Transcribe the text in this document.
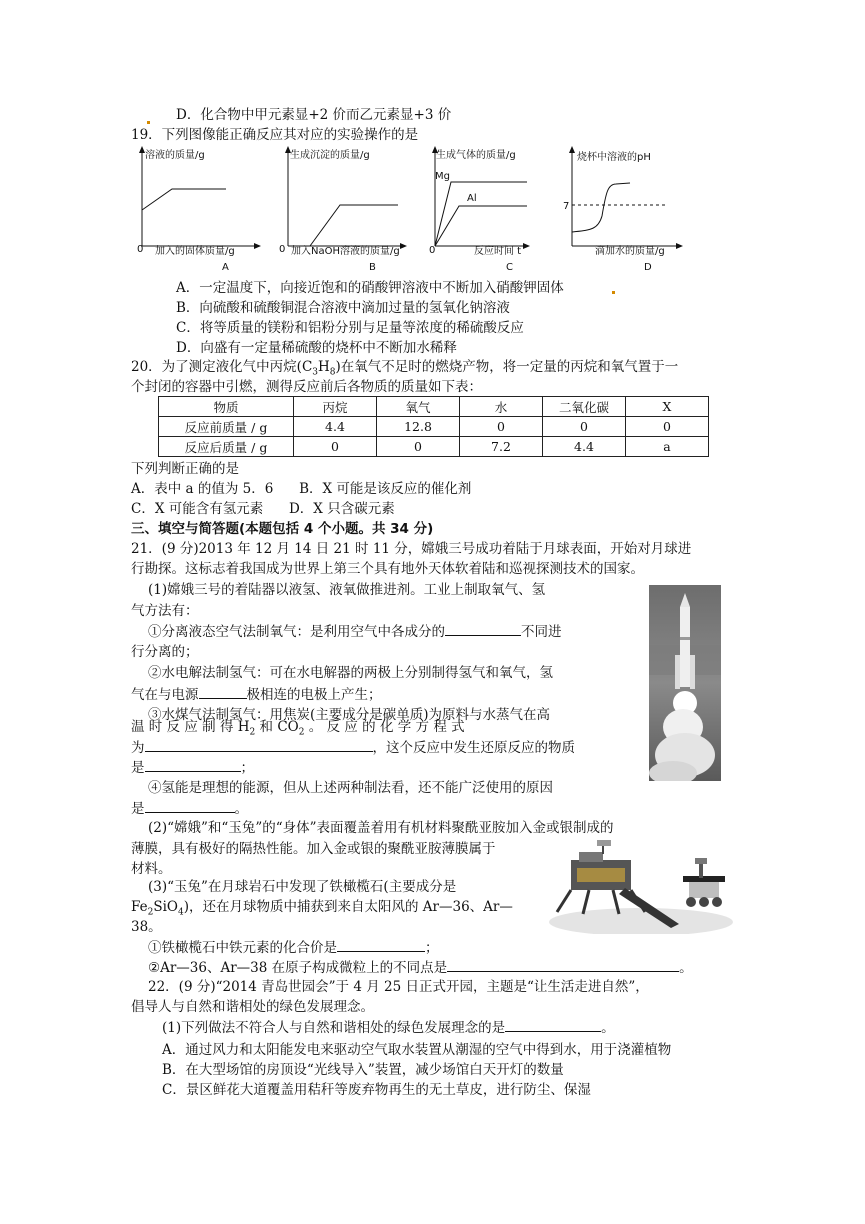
D．化合物中甲元素显+2 价而乙元素显+3 价
19．下列图像能正确反应其对应的实验操作的是
溶液的质量/g
0 加入的固体质量/g
A
生成沉淀的质量/g
0 加入NaOH溶液的质量/g
B
生成气体的质量/g
Mg
Al
0	反应时间 t
C
烧杯中溶液的pH
7
滴加水的质量/g
D
A．一定温度下，向接近饱和的硝酸钾溶液中不断加入硝酸钾固体
B．向硫酸和硫酸铜混合溶液中滴加过量的氢氧化钠溶液
C．将等质量的镁粉和铝粉分别与足量等浓度的稀硫酸反应
D．向盛有一定量稀硫酸的烧杯中不断加水稀释
20．为了测定液化气中丙烷$(C_3H_8)$在氧气不足时的燃烧产物，将一定量的丙烷和氧气置于一
个封闭的容器中引燃，测得反应前后各物质的质量如下表：
物质	丙烷	氧气	水	二氧化碳	X
反应前质量 / g	4.4	12.8	0	0	0
反应后质量 / g	0	0	7.2	4.4	a
下列判断正确的是
A．表中 a 的值为 5．6      B．X 可能是该反应的催化剂
C．X 可能含有氢元素      D．X 只含碳元素
三、填空与简答题(本题包括 4 个小题。共 34 分)
21．(9 分)2013 年 12 月 14 日 21 时 11 分，嫦娥三号成功着陆于月球表面，开始对月球进
行勘探。这标志着我国成为世界上第三个具有地外天体软着陆和巡视探测技术的国家。
(1)嫦娥三号的着陆器以液氢、液氧做推进剂。工业上制取氧气、氢
气方法有：
①分离液态空气法制氧气：是利用空气中各成分的	不同进
行分离的；
②水电解法制氢气：可在水电解器的两极上分别制得氢气和氧气，氢
气在与电源	极相连的电极上产生；
③水煤气法制氢气：用焦炭(主要成分是碳单质)为原料与水蒸气在高
温 时 反 应 制 得 $H_2$ 和 $CO_2$ 。 反 应 的 化 学 方 程 式
为	，这个反应中发生还原反应的物质
是	；
④氢能是理想的能源，但从上述两种制法看，还不能广泛使用的原因
是	。
(2)“嫦娥”和“玉兔”的“身体”表面覆盖着用有机材料聚酰亚胺加入金或银制成的
薄膜，具有极好的隔热性能。加入金或银的聚酰亚胺薄膜属于
材料。
(3)“玉兔”在月球岩石中发现了铁橄榄石(主要成分是
$Fe_2SiO_4$)，还在月球物质中捕获到来自太阳风的 Ar—36、Ar—
38。
①铁橄榄石中铁元素的化合价是	；
②Ar—36、Ar—38 在原子构成微粒上的不同点是	。
22．(9 分)“2014 青岛世园会”于 4 月 25 日正式开园，主题是“让生活走进自然”，
倡导人与自然和谐相处的绿色发展理念。
(1)下列做法不符合人与自然和谐相处的绿色发展理念的是	。
A．通过风力和太阳能发电来驱动空气取水装置从潮湿的空气中得到水，用于浇灌植物
B．在大型场馆的房顶设“光线导入”装置，减少场馆白天开灯的数量
C．景区鲜花大道覆盖用秸秆等废弃物再生的无土草皮，进行防尘、保湿
